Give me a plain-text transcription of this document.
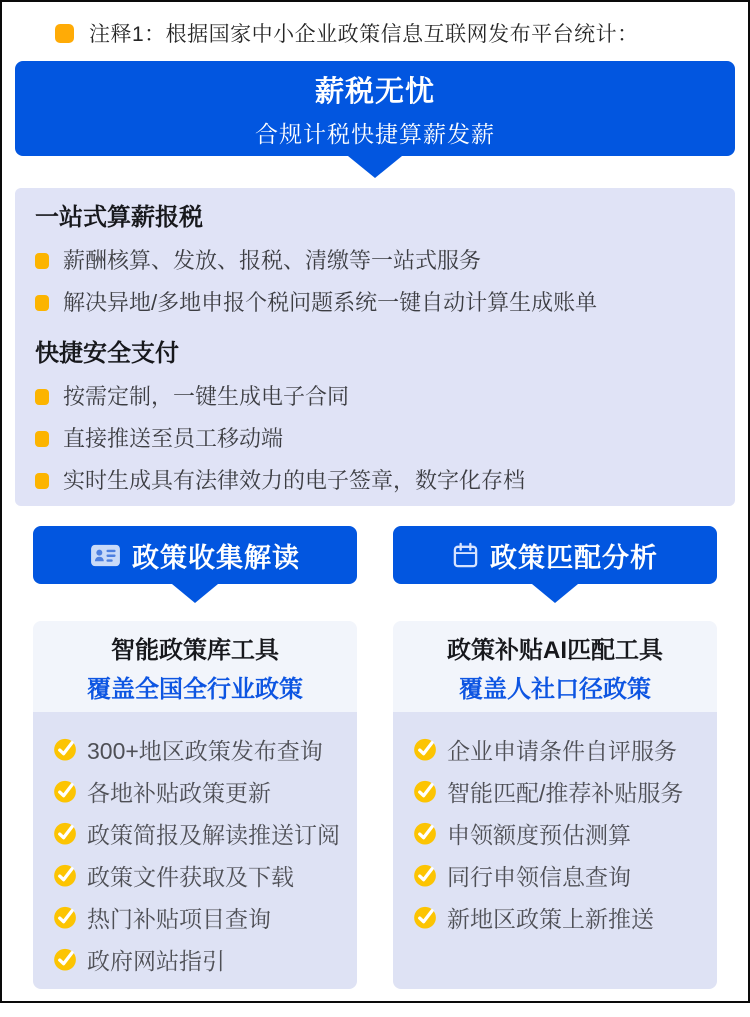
注释1：根据国家中小企业政策信息互联网发布平台统计：
薪税无忧
合规计税快捷算薪发薪
一站式算薪报税
薪酬核算、发放、报税、清缴等一站式服务
解决异地/多地申报个税问题系统一键自动计算生成账单
快捷安全支付
按需定制，一键生成电子合同
直接推送至员工移动端
实时生成具有法律效力的电子签章，数字化存档
政策收集解读
智能政策库工具
覆盖全国全行业政策
300+地区政策发布查询
各地补贴政策更新
政策简报及解读推送订阅
政策文件获取及下载
热门补贴项目查询
政府网站指引
政策匹配分析
政策补贴AI匹配工具
覆盖人社口径政策
企业申请条件自评服务
智能匹配/推荐补贴服务
申领额度预估测算
同行申领信息查询
新地区政策上新推送
